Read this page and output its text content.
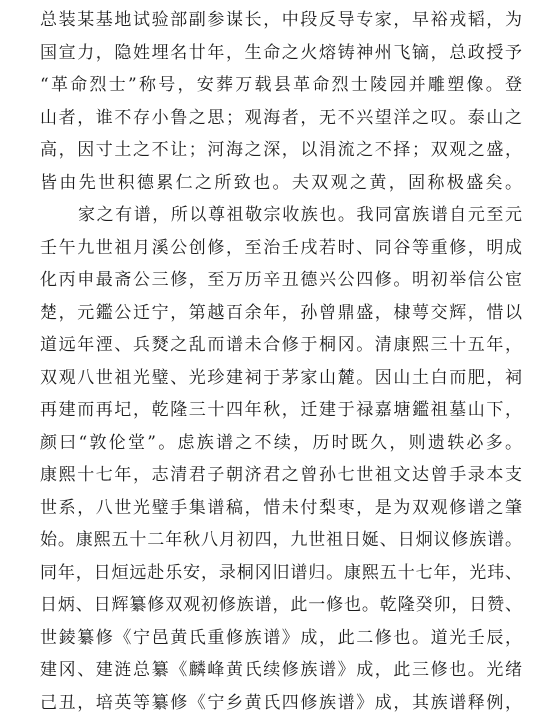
总装某基地试验部副参谋长，中段反导专家，早裕戎韬，为
国宣力，隐姓埋名廿年，生命之火熔铸神州飞镝，总政授予
“革命烈士”称号，安葬万载县革命烈士陵园并雕塑像。登
山者，谁不存小鲁之思；观海者，无不兴望洋之叹。泰山之
高，因寸土之不让；河海之深，以涓流之不择；双观之盛，
皆由先世积德累仁之所致也。夫双观之黄，固称极盛矣。
家之有谱，所以尊祖敬宗收族也。我同富族谱自元至元
壬午九世祖月溪公创修，至治壬戌若时、同谷等重修，明成
化丙申最斋公三修，至万历辛丑德兴公四修。明初举信公宦
楚，元鑑公迁宁，第越百余年，孙曾鼎盛，棣萼交辉，惜以
道远年湮、兵燹之乱而谱未合修于桐冈。清康熙三十五年，
双观八世祖光璧、光珍建祠于茅家山麓。因山土白而肥，祠
再建而再圮，乾隆三十四年秋，迁建于禄嘉塘鑑祖墓山下，
颜曰“敦伦堂”。虑族谱之不续，历时既久，则遗轶必多。
康熙十七年，志清君子朝济君之曾孙七世祖文达曾手录本支
世系，八世光璧手集谱稿，惜未付梨枣，是为双观修谱之肇
始。康熙五十二年秋八月初四，九世祖日娫、日炯议修族谱。
同年，日烜远赴乐安，录桐冈旧谱归。康熙五十七年，光玮、
日炳、日辉纂修双观初修族谱，此一修也。乾隆癸卯，日赞、
世錂纂修《宁邑黄氏重修族谱》成，此二修也。道光壬辰，
建冈、建涟总纂《麟峰黄氏续修族谱》成，此三修也。光绪
己丑，培英等纂修《宁乡黄氏四修族谱》成，其族谱释例，
